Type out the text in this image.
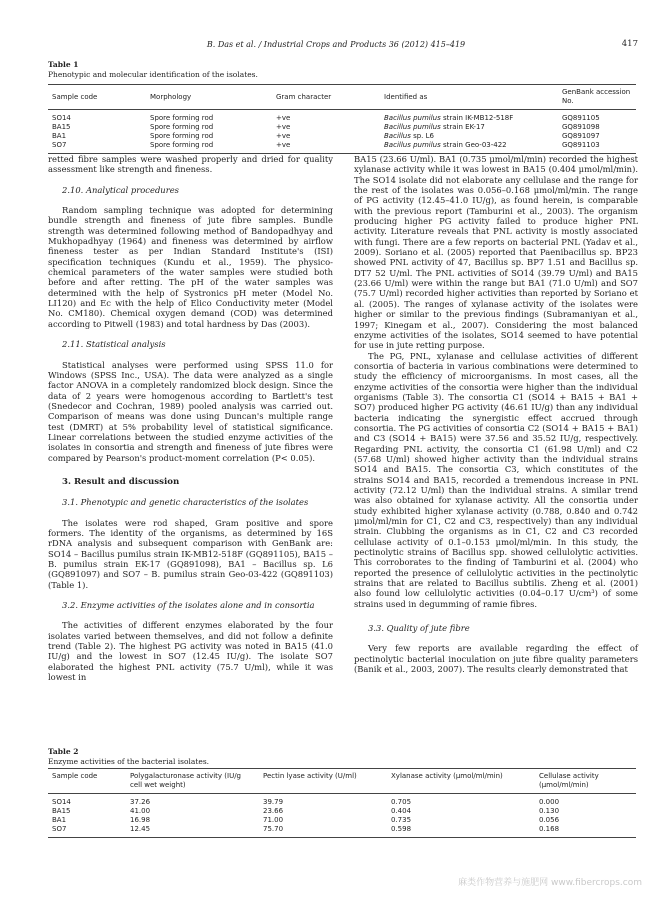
B. Das et al. / Industrial Crops and Products 36 (2012) 415–419	417
Table 1
Phenotypic and molecular identification of the isolates.
Sample code	Morphology	Gram character	Identified as	GenBank accession No.
SO14	Spore forming rod	+ve	Bacillus pumilus strain IK-MB12-518F	GQ891105
BA15	Spore forming rod	+ve	Bacillus pumilus strain EK-17	GQ891098
BA1	Spore forming rod	+ve	Bacillus sp. L6	GQ891097
SO7	Spore forming rod	+ve	Bacillus pumilus strain Geo-03-422	GQ891103

retted fibre samples were washed properly and dried for quality assessment like strength and fineness.

2.10. Analytical procedures

Random sampling technique was adopted for determining bundle strength and fineness of jute fibre samples. Bundle strength was determined following method of Bandopadhyay and Mukhopadhyay (1964) and fineness was determined by airflow fineness tester as per Indian Standard Institute's (ISI) specification techniques (Kundu et al., 1959). The physico-chemical parameters of the water samples were studied both before and after retting. The pH of the water samples was determined with the help of Systronics pH meter (Model No. LI120) and Ec with the help of Elico Conductivity meter (Model No. CM180). Chemical oxygen demand (COD) was determined according to Pitwell (1983) and total hardness by Das (2003).

2.11. Statistical analysis

Statistical analyses were performed using SPSS 11.0 for Windows (SPSS Inc., USA). The data were analyzed as a single factor ANOVA in a completely randomized block design. Since the data of 2 years were homogenous according to Bartlett's test (Snedecor and Cochran, 1989) pooled analysis was carried out. Comparison of means was done using Duncan's multiple range test (DMRT) at 5% probability level of statistical significance. Linear correlations between the studied enzyme activities of the isolates in consortia and strength and fineness of jute fibres were compared by Pearson's product-moment correlation (P< 0.05).

3. Result and discussion

3.1. Phenotypic and genetic characteristics of the isolates

The isolates were rod shaped, Gram positive and spore formers. The identity of the organisms, as determined by 16S rDNA analysis and subsequent comparison with GenBank are: SO14 – Bacillus pumilus strain IK-MB12-518F (GQ891105), BA15 – B. pumilus strain EK-17 (GQ891098), BA1 – Bacillus sp. L6 (GQ891097) and SO7 – B. pumilus strain Geo-03-422 (GQ891103) (Table 1).

3.2. Enzyme activities of the isolates alone and in consortia

The activities of different enzymes elaborated by the four isolates varied between themselves, and did not follow a definite trend (Table 2). The highest PG activity was noted in BA15 (41.0 IU/g) and the lowest in SO7 (12.45 IU/g). The isolate SO7 elaborated the highest PNL activity (75.7 U/ml), while it was lowest in

BA15 (23.66 U/ml). BA1 (0.735 μmol/ml/min) recorded the highest xylanase activity while it was lowest in BA15 (0.404 μmol/ml/min). The SO14 isolate did not elaborate any cellulase and the range for the rest of the isolates was 0.056–0.168 μmol/ml/min. The range of PG activity (12.45–41.0 IU/g), as found herein, is comparable with the previous report (Tamburini et al., 2003). The organism producing higher PG activity failed to produce higher PNL activity. Literature reveals that PNL activity is mostly associated with fungi. There are a few reports on bacterial PNL (Yadav et al., 2009). Soriano et al. (2005) reported that Paenibacillus sp. BP23 showed PNL activity of 47, Bacillus sp. BP7 1.51 and Bacillus sp. DT7 52 U/ml. The PNL activities of SO14 (39.79 U/ml) and BA15 (23.66 U/ml) were within the range but BA1 (71.0 U/ml) and SO7 (75.7 U/ml) recorded higher activities than reported by Soriano et al. (2005). The ranges of xylanase activity of the isolates were higher or similar to the previous findings (Subramaniyan et al., 1997; Kinegam et al., 2007). Considering the most balanced enzyme activities of the isolates, SO14 seemed to have potential for use in jute retting purpose.

The PG, PNL, xylanase and cellulase activities of different consortia of bacteria in various combinations were determined to study the efficiency of microorganisms. In most cases, all the enzyme activities of the consortia were higher than the individual organisms (Table 3). The consortia C1 (SO14 + BA15 + BA1 + SO7) produced higher PG activity (46.61 IU/g) than any individual bacteria indicating the synergistic effect accrued through consortia. The PG activities of consortia C2 (SO14 + BA15 + BA1) and C3 (SO14 + BA15) were 37.56 and 35.52 IU/g, respectively. Regarding PNL activity, the consortia C1 (61.98 U/ml) and C2 (57.68 U/ml) showed higher activity than the individual strains SO14 and BA15. The consortia C3, which constitutes of the strains SO14 and BA15, recorded a tremendous increase in PNL activity (72.12 U/ml) than the individual strains. A similar trend was also obtained for xylanase activity. All the consortia under study exhibited higher xylanase activity (0.788, 0.840 and 0.742 μmol/ml/min for C1, C2 and C3, respectively) than any individual strain. Clubbing the organisms as in C1, C2 and C3 recorded cellulase activity of 0.1–0.153 μmol/ml/min. In this study, the pectinolytic strains of Bacillus spp. showed cellulolytic activities. This corroborates to the finding of Tamburini et al. (2004) who reported the presence of cellulolytic activities in the pectinolytic strains that are related to Bacillus subtilis. Zheng et al. (2001) also found low cellulolytic activities (0.04–0.17 U/cm³) of some strains used in degumming of ramie fibres.

3.3. Quality of jute fibre

Very few reports are available regarding the effect of pectinolytic bacterial inoculation on jute fibre quality parameters (Banik et al., 2003, 2007). The results clearly demonstrated that

Table 2
Enzyme activities of the bacterial isolates.
Sample code	Polygalacturonase activity (IU/g cell wet weight)	Pectin lyase activity (U/ml)	Xylanase activity (μmol/ml/min)	Cellulase activity (μmol/ml/min)
SO14	37.26	39.79	0.705	0.000
BA15	41.00	23.66	0.404	0.130
BA1	16.98	71.00	0.735	0.056
SO7	12.45	75.70	0.598	0.168
麻类作物营养与施肥网 www.fibercrops.com
